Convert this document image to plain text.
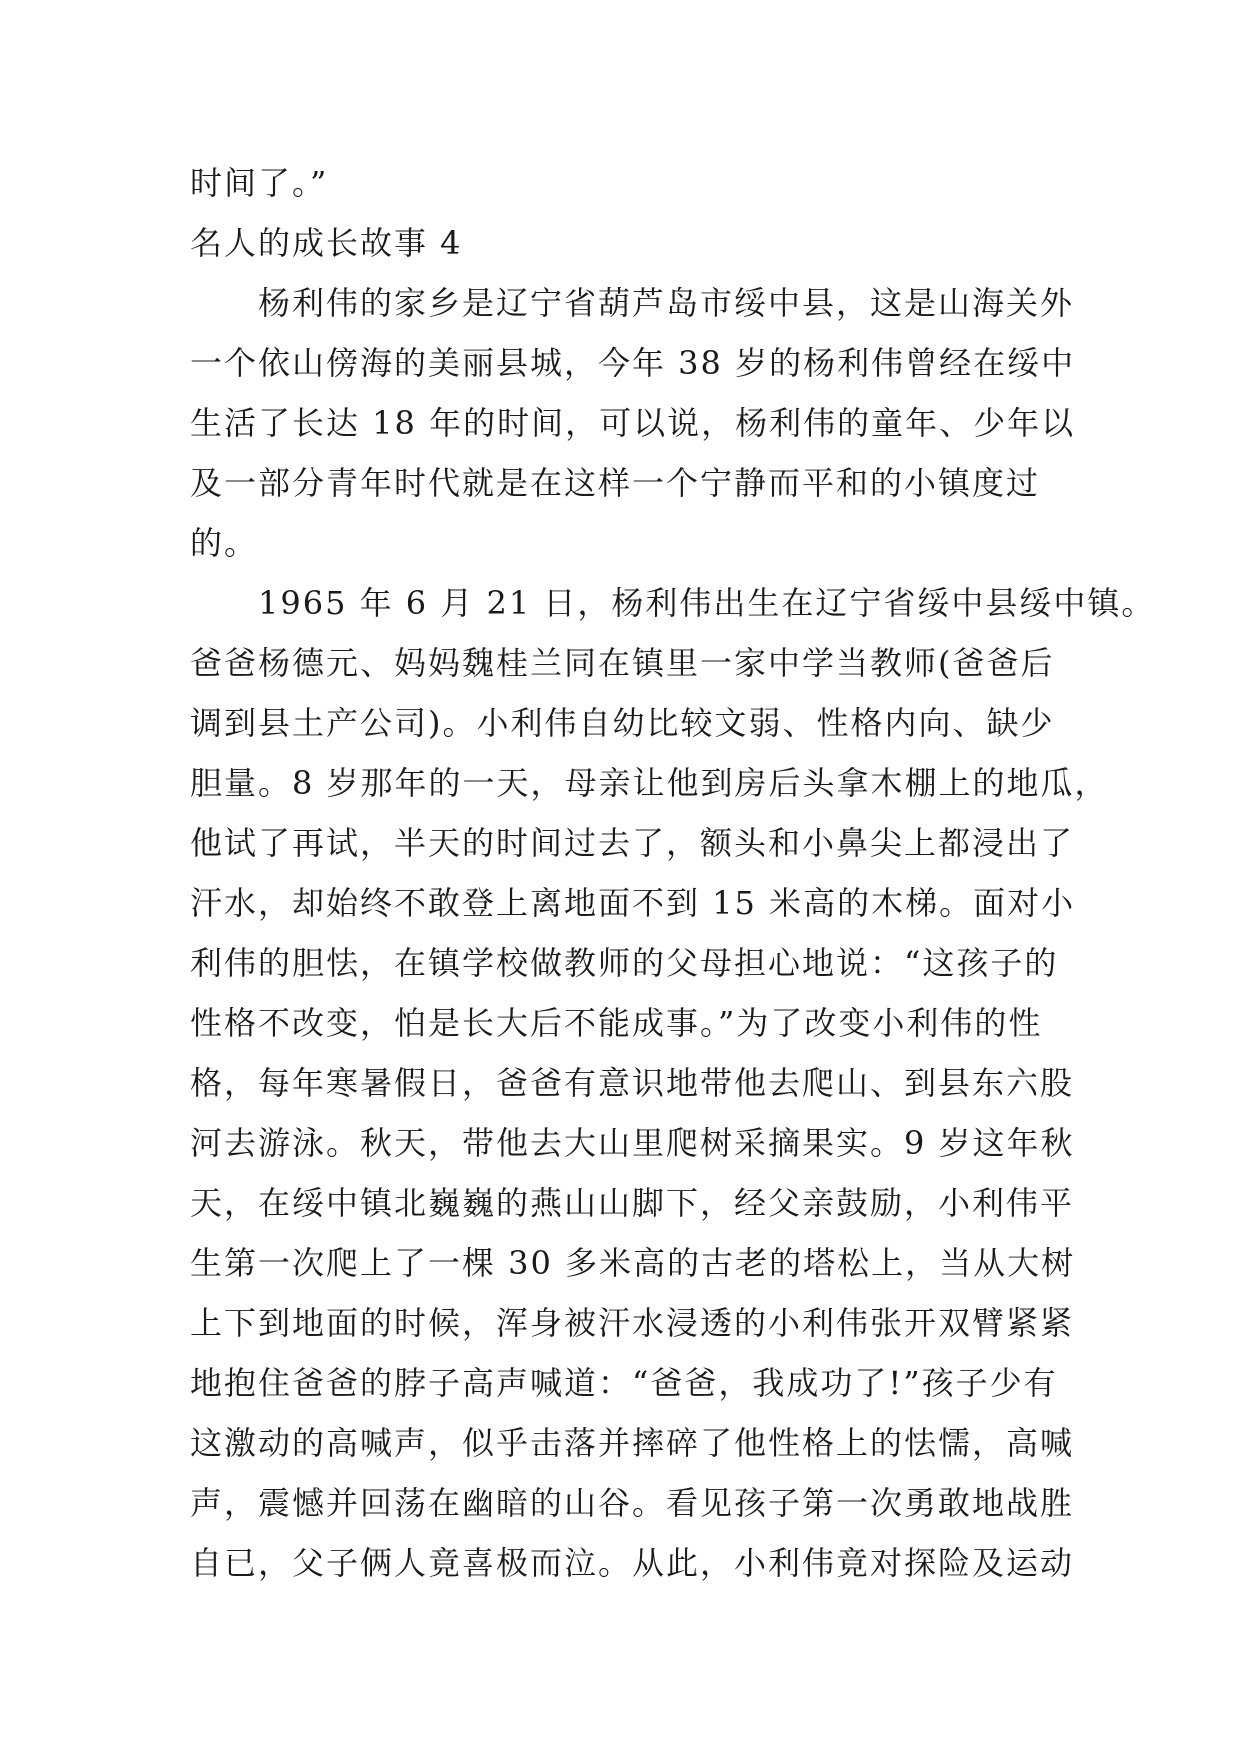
时间了。”

名人的成长故事 4

杨利伟的家乡是辽宁省葫芦岛市绥中县，这是山海关外

一个依山傍海的美丽县城，今年 38 岁的杨利伟曾经在绥中

生活了长达 18 年的时间，可以说，杨利伟的童年、少年以

及一部分青年时代就是在这样一个宁静而平和的小镇度过

的。

1965 年 6 月 21 日，杨利伟出生在辽宁省绥中县绥中镇。

爸爸杨德元、妈妈魏桂兰同在镇里一家中学当教师(爸爸后

调到县土产公司)。小利伟自幼比较文弱、性格内向、缺少

胆量。8 岁那年的一天，母亲让他到房后头拿木棚上的地瓜，

他试了再试，半天的时间过去了，额头和小鼻尖上都浸出了

汗水，却始终不敢登上离地面不到 15 米高的木梯。面对小

利伟的胆怯，在镇学校做教师的父母担心地说：“这孩子的

性格不改变，怕是长大后不能成事。”为了改变小利伟的性

格，每年寒暑假日，爸爸有意识地带他去爬山、到县东六股

河去游泳。秋天，带他去大山里爬树采摘果实。9 岁这年秋

天，在绥中镇北巍巍的燕山山脚下，经父亲鼓励，小利伟平

生第一次爬上了一棵 30 多米高的古老的塔松上，当从大树

上下到地面的时候，浑身被汗水浸透的小利伟张开双臂紧紧

地抱住爸爸的脖子高声喊道：“爸爸，我成功了!”孩子少有

这激动的高喊声，似乎击落并摔碎了他性格上的怯懦，高喊

声，震憾并回荡在幽暗的山谷。看见孩子第一次勇敢地战胜

自已，父子俩人竟喜极而泣。从此，小利伟竟对探险及运动
